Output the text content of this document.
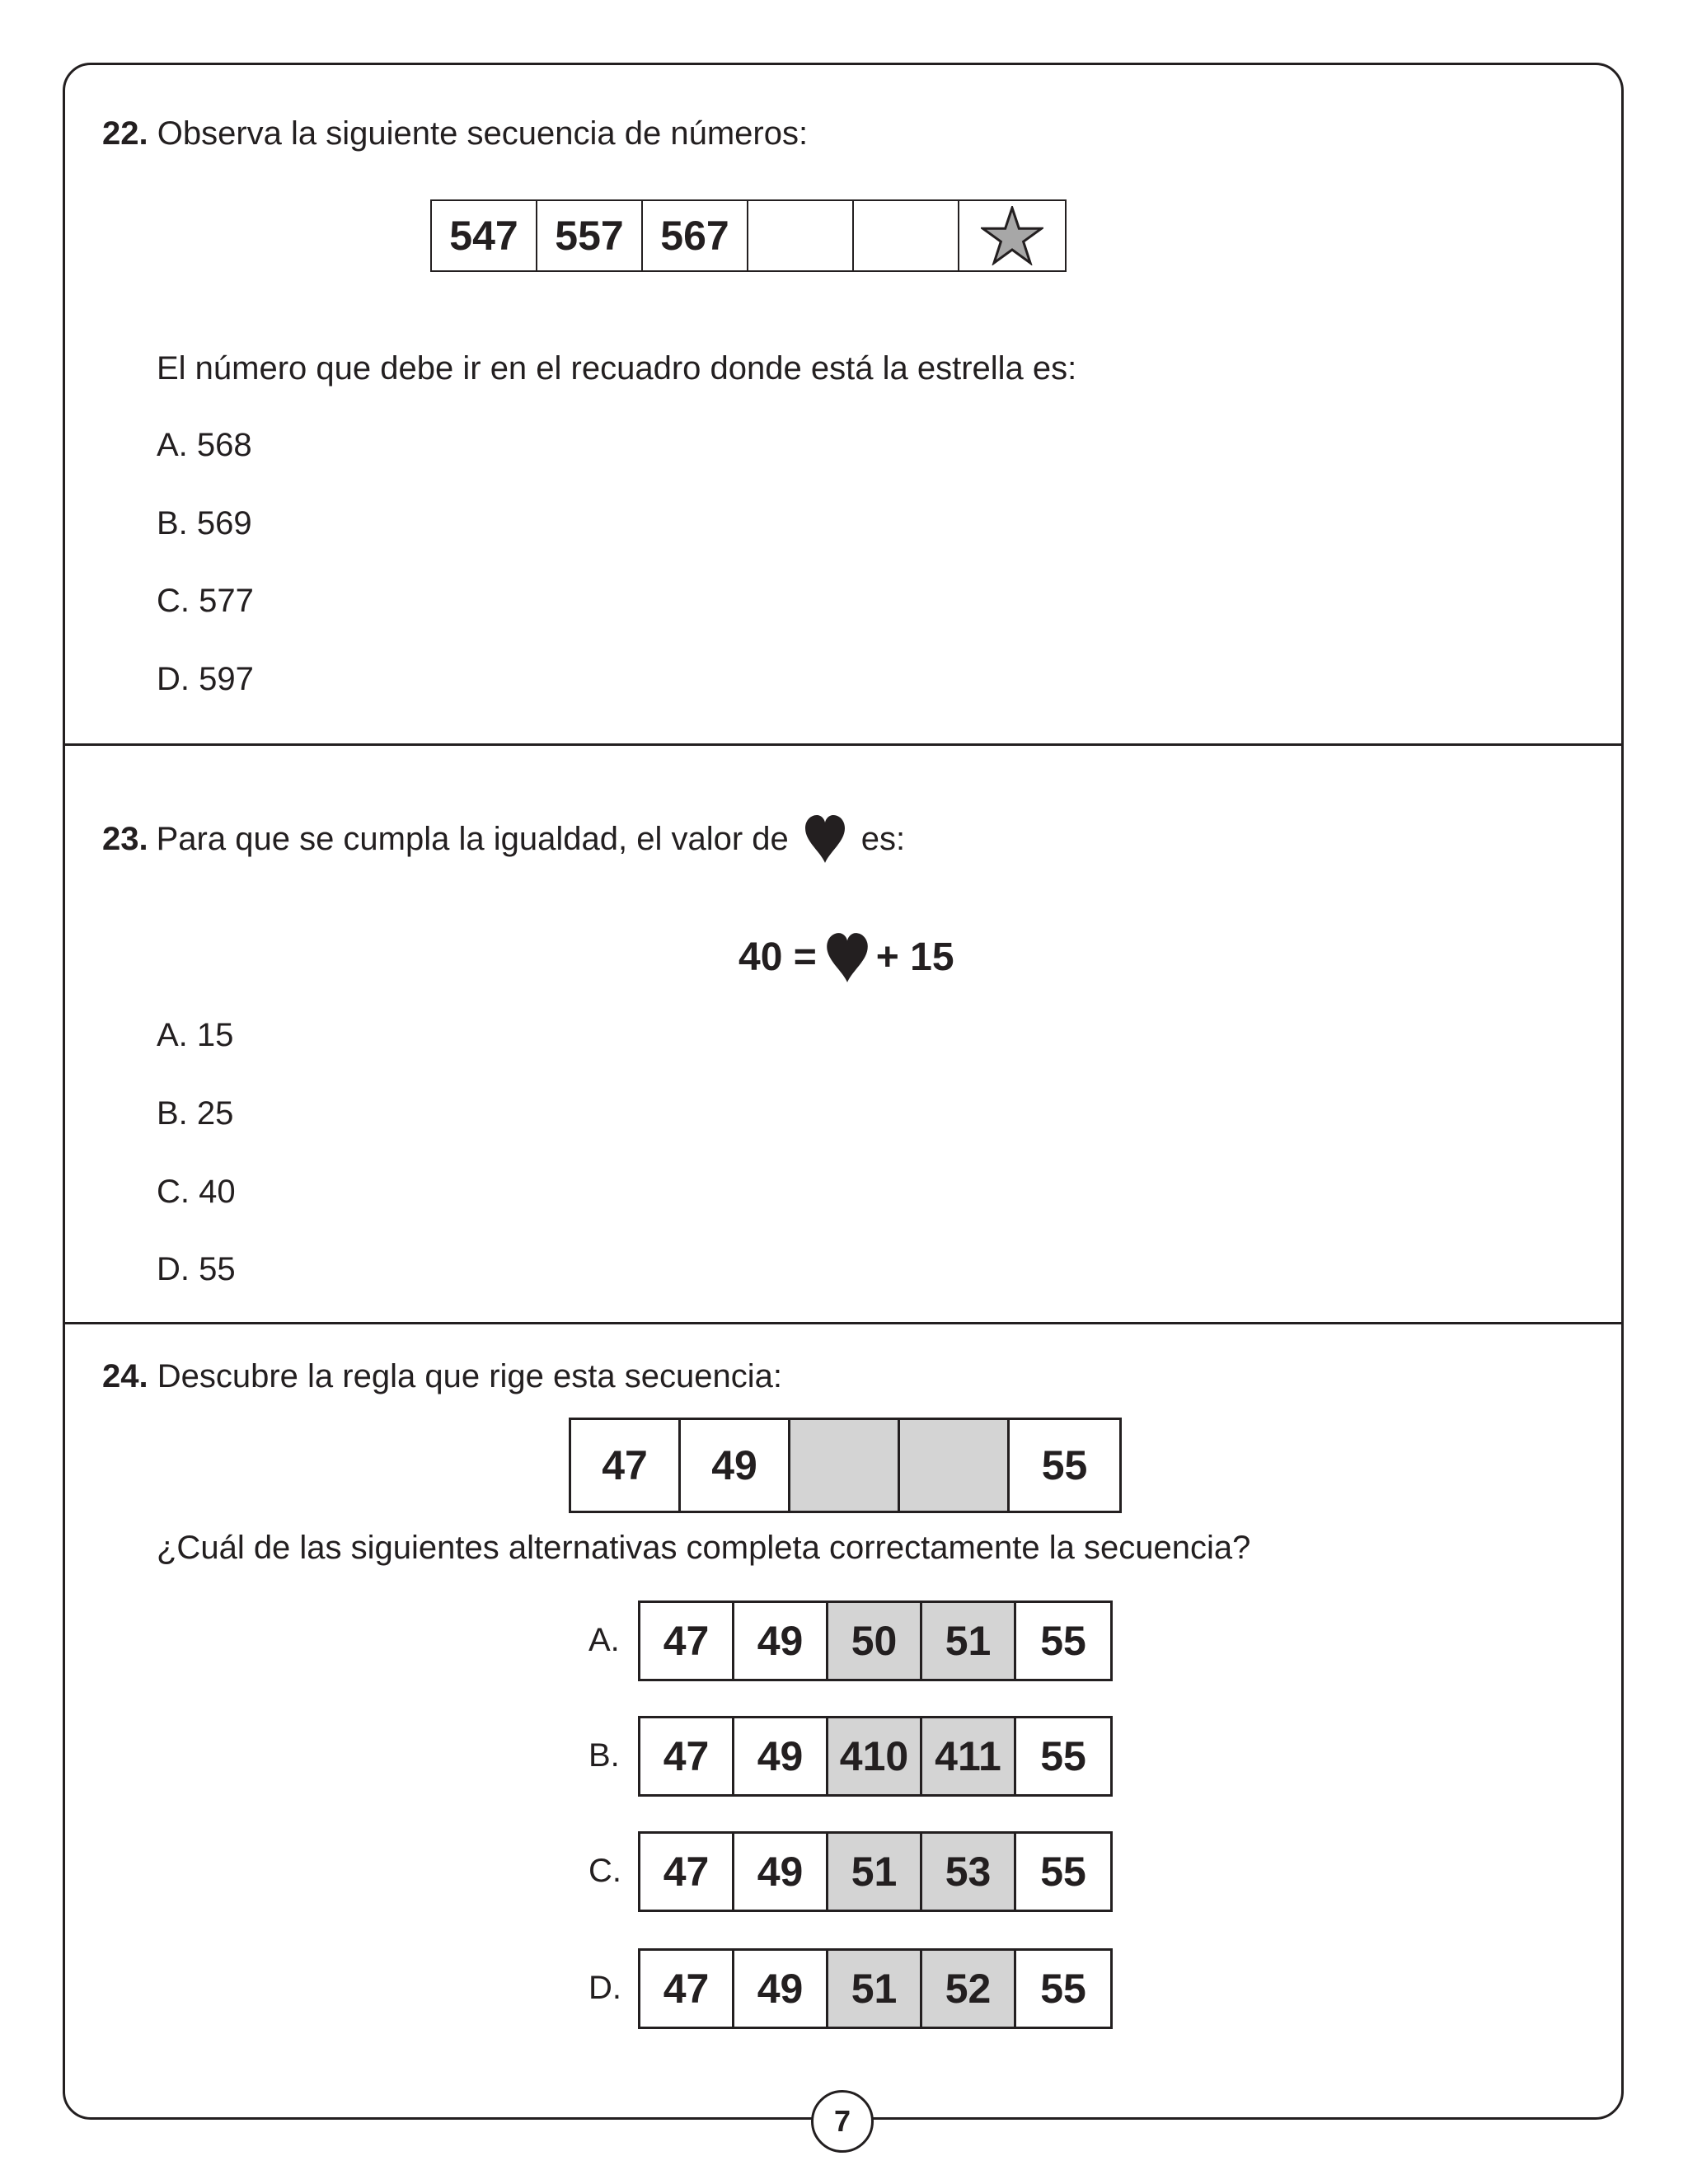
22. Observa la siguiente secuencia de números:
547 557 567
El número que debe ir en el recuadro donde está la estrella es:
A. 568
B. 569
C. 577
D. 597
23. Para que se cumpla la igualdad, el valor de es:
40 = + 15
A. 15
B. 25
C. 40
D. 55
24. Descubre la regla que rige esta secuencia:
47	49	55
¿Cuál de las siguientes alternativas completa correctamente la secuencia?
A.	47	49	50	51	55
B.	47	49 410 411 55
C.	47	49	51	53	55
D.	47	49	51	52	55
7
